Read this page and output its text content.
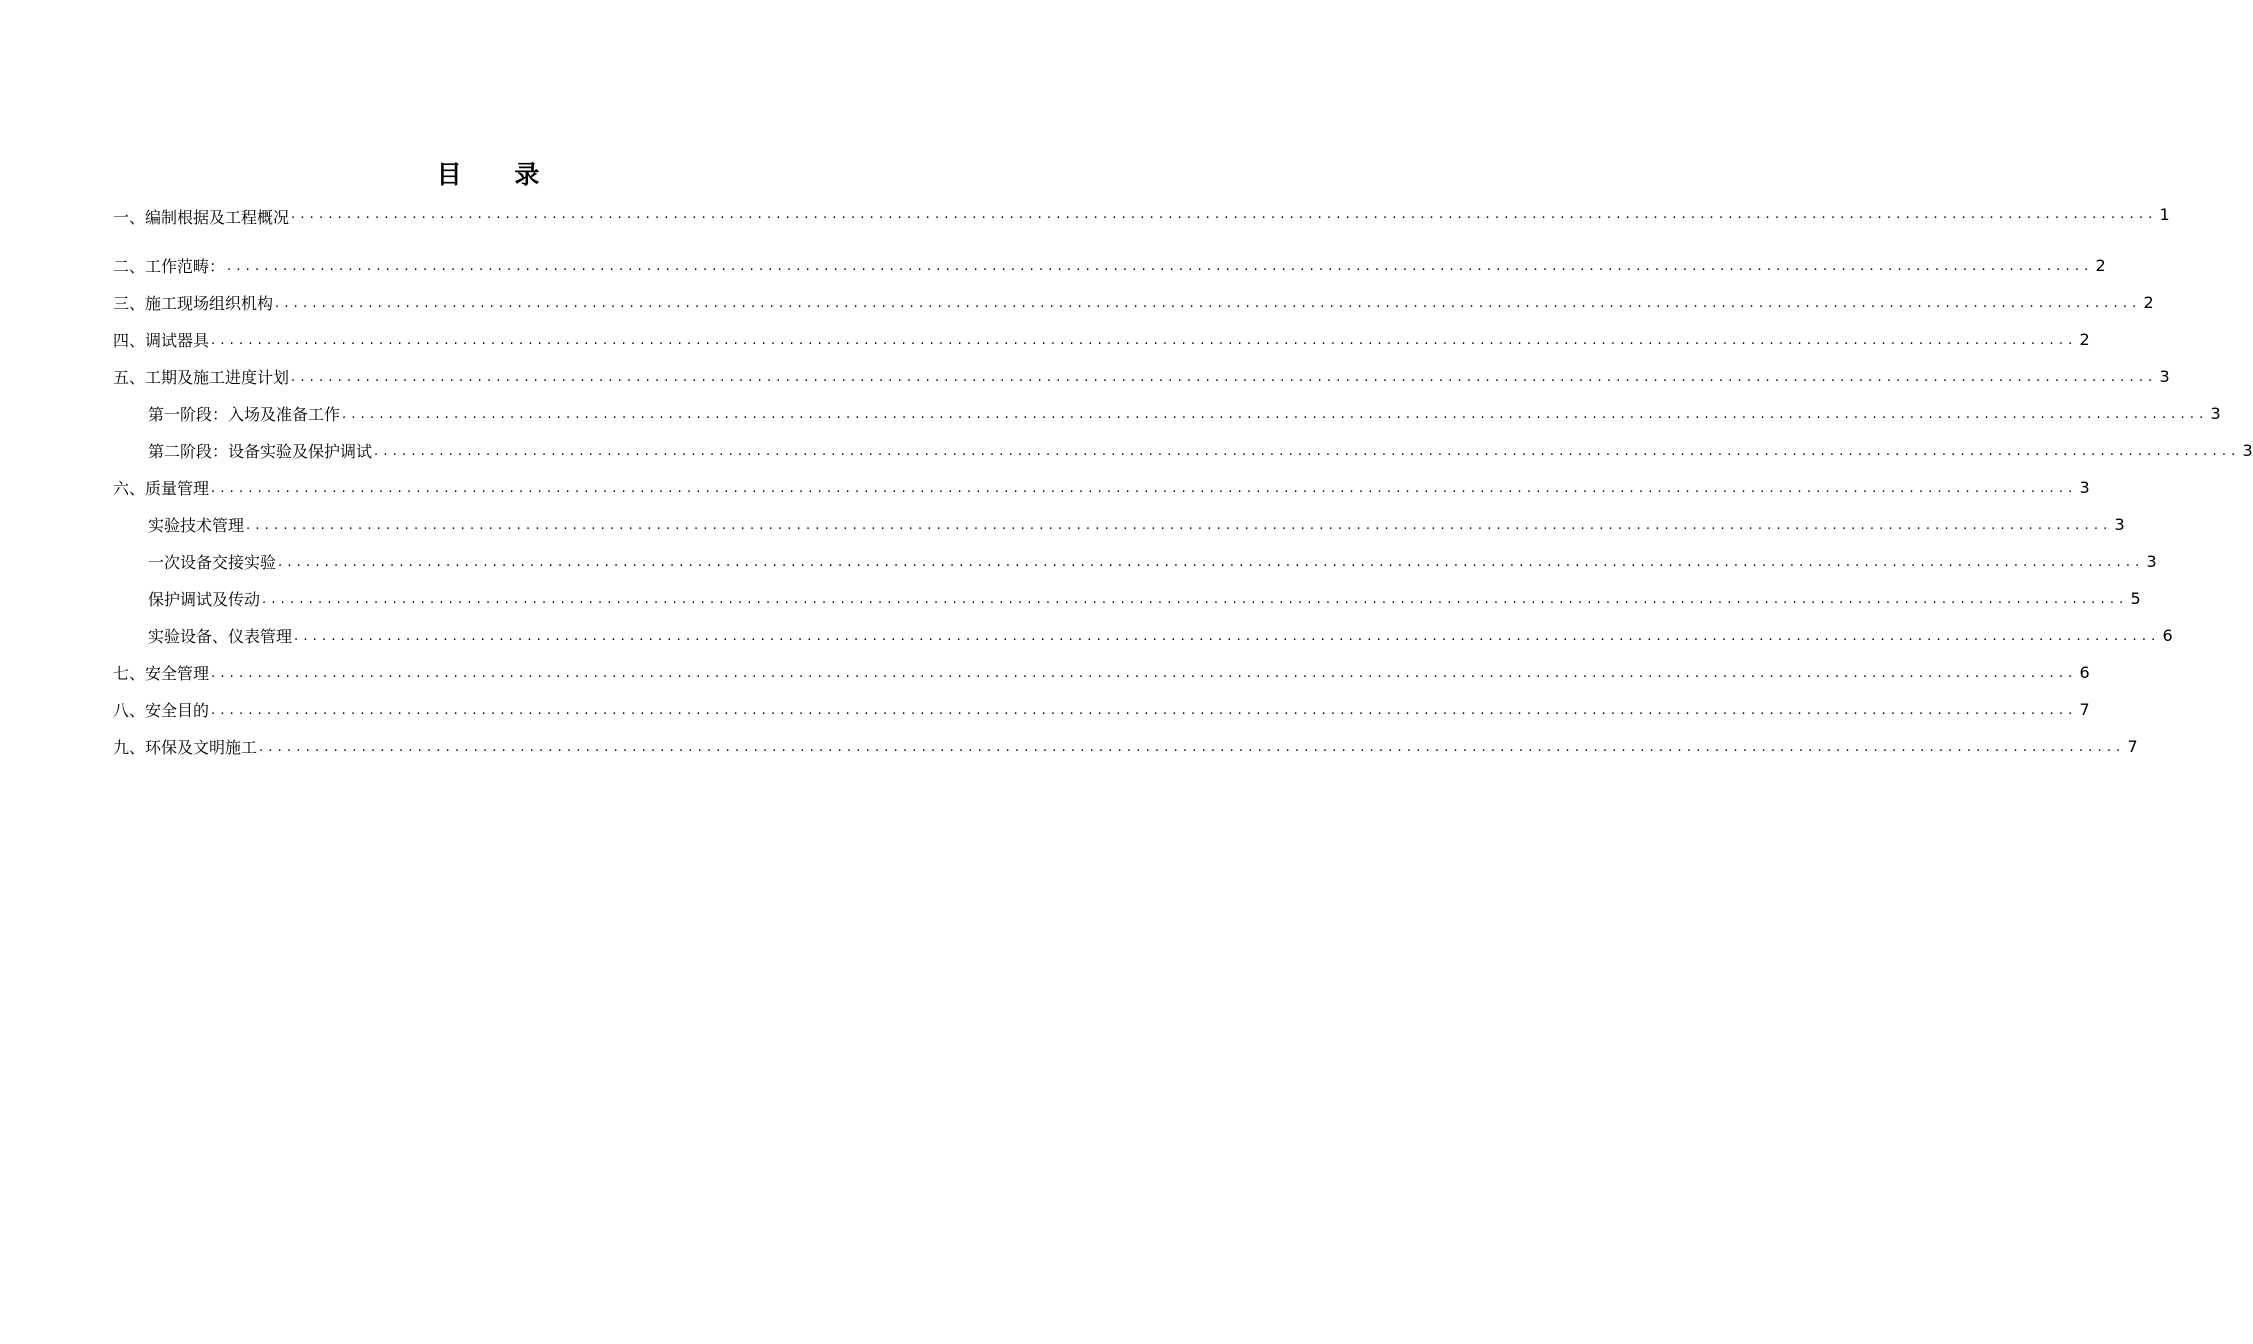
目 录
一、编制根据及工程概况 ........................................................................................................................................................................................................ 1
二、工作范畴： ........................................................................................................................................................................................................ 2
三、施工现场组织机构 ........................................................................................................................................................................................................ 2
四、调试器具 ........................................................................................................................................................................................................ 2
五、工期及施工进度计划 ........................................................................................................................................................................................................ 3
第一阶段：入场及准备工作 ........................................................................................................................................................................................................ 3
第二阶段：设备实验及保护调试 ........................................................................................................................................................................................................ 3
六、质量管理 ........................................................................................................................................................................................................ 3
实验技术管理 ........................................................................................................................................................................................................ 3
一次设备交接实验 ........................................................................................................................................................................................................ 3
保护调试及传动 ........................................................................................................................................................................................................ 5
实验设备、仪表管理 ........................................................................................................................................................................................................ 6
七、安全管理 ........................................................................................................................................................................................................ 6
八、安全目的 ........................................................................................................................................................................................................ 7
九、环保及文明施工 ........................................................................................................................................................................................................ 7
